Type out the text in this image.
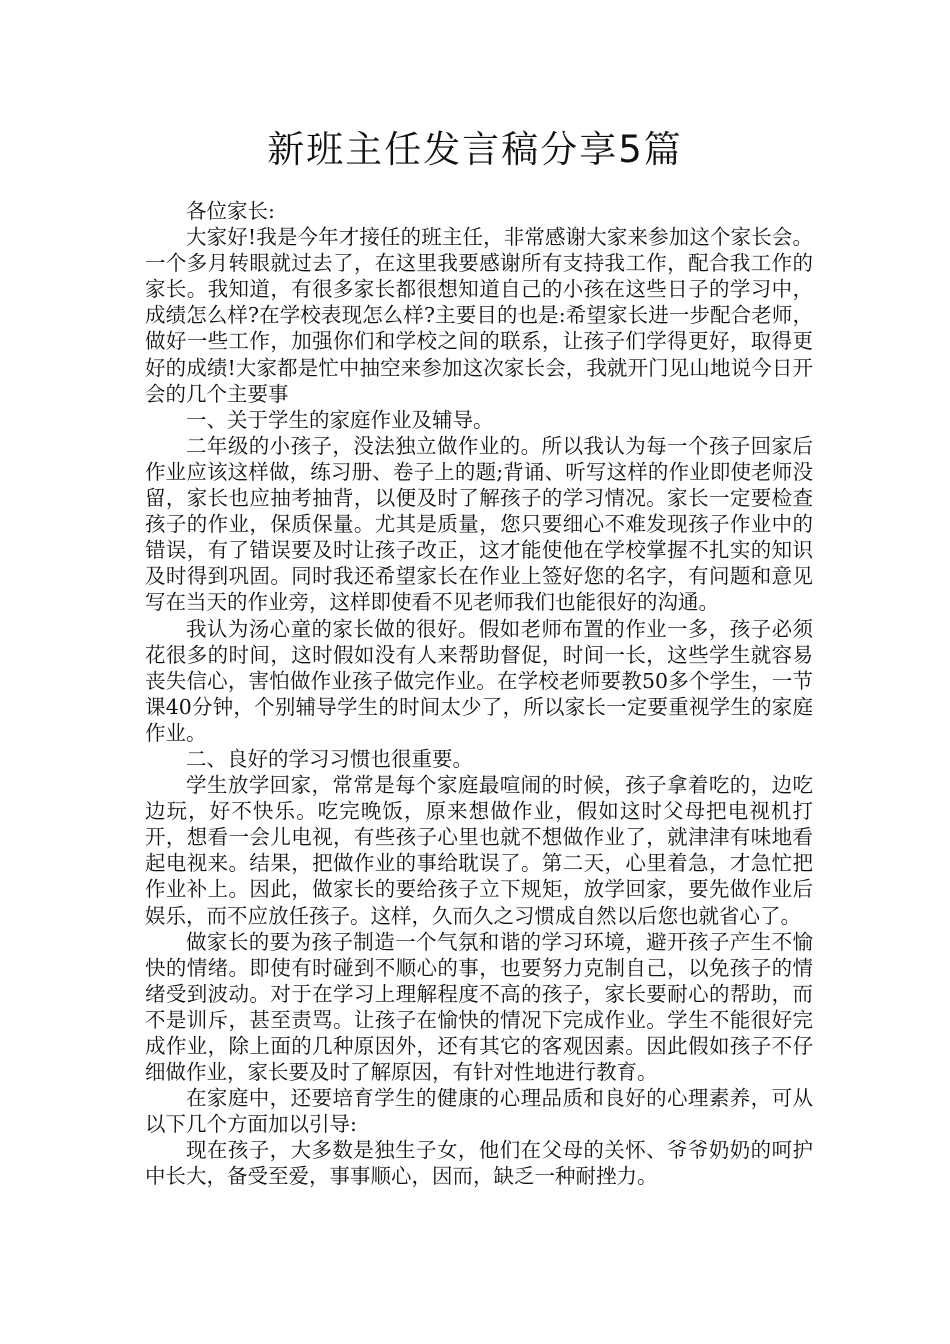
新班主任发言稿分享5篇

各位家长:

大家好!我是今年才接任的班主任，非常感谢大家来参加这个家长会。一个多月转眼就过去了，在这里我要感谢所有支持我工作，配合我工作的家长。我知道，有很多家长都很想知道自己的小孩在这些日子的学习中，成绩怎么样?在学校表现怎么样?主要目的也是:希望家长进一步配合老师，做好一些工作，加强你们和学校之间的联系，让孩子们学得更好，取得更好的成绩!大家都是忙中抽空来参加这次家长会，我就开门见山地说今日开会的几个主要事

一、关于学生的家庭作业及辅导。

二年级的小孩子，没法独立做作业的。所以我认为每一个孩子回家后作业应该这样做，练习册、卷子上的题;背诵、听写这样的作业即使老师没留，家长也应抽考抽背，以便及时了解孩子的学习情况。家长一定要检查孩子的作业，保质保量。尤其是质量，您只要细心不难发现孩子作业中的错误，有了错误要及时让孩子改正，这才能使他在学校掌握不扎实的知识及时得到巩固。同时我还希望家长在作业上签好您的名字，有问题和意见写在当天的作业旁，这样即使看不见老师我们也能很好的沟通。

我认为汤心童的家长做的很好。假如老师布置的作业一多，孩子必须花很多的时间，这时假如没有人来帮助督促，时间一长，这些学生就容易丧失信心，害怕做作业孩子做完作业。在学校老师要教50多个学生，一节课40分钟，个别辅导学生的时间太少了，所以家长一定要重视学生的家庭作业。

二、良好的学习习惯也很重要。

学生放学回家，常常是每个家庭最喧闹的时候，孩子拿着吃的，边吃边玩，好不快乐。吃完晚饭，原来想做作业，假如这时父母把电视机打开，想看一会儿电视，有些孩子心里也就不想做作业了，就津津有味地看起电视来。结果，把做作业的事给耽误了。第二天，心里着急，才急忙把作业补上。因此，做家长的要给孩子立下规矩，放学回家，要先做作业后娱乐，而不应放任孩子。这样，久而久之习惯成自然以后您也就省心了。

做家长的要为孩子制造一个气氛和谐的学习环境，避开孩子产生不愉快的情绪。即使有时碰到不顺心的事，也要努力克制自己，以免孩子的情绪受到波动。对于在学习上理解程度不高的孩子，家长要耐心的帮助，而不是训斥，甚至责骂。让孩子在愉快的情况下完成作业。学生不能很好完成作业，除上面的几种原因外，还有其它的客观因素。因此假如孩子不仔细做作业，家长要及时了解原因，有针对性地进行教育。

在家庭中，还要培育学生的健康的心理品质和良好的心理素养，可从以下几个方面加以引导:

现在孩子，大多数是独生子女，他们在父母的关怀、爷爷奶奶的呵护中长大，备受至爱，事事顺心，因而，缺乏一种耐挫力。
